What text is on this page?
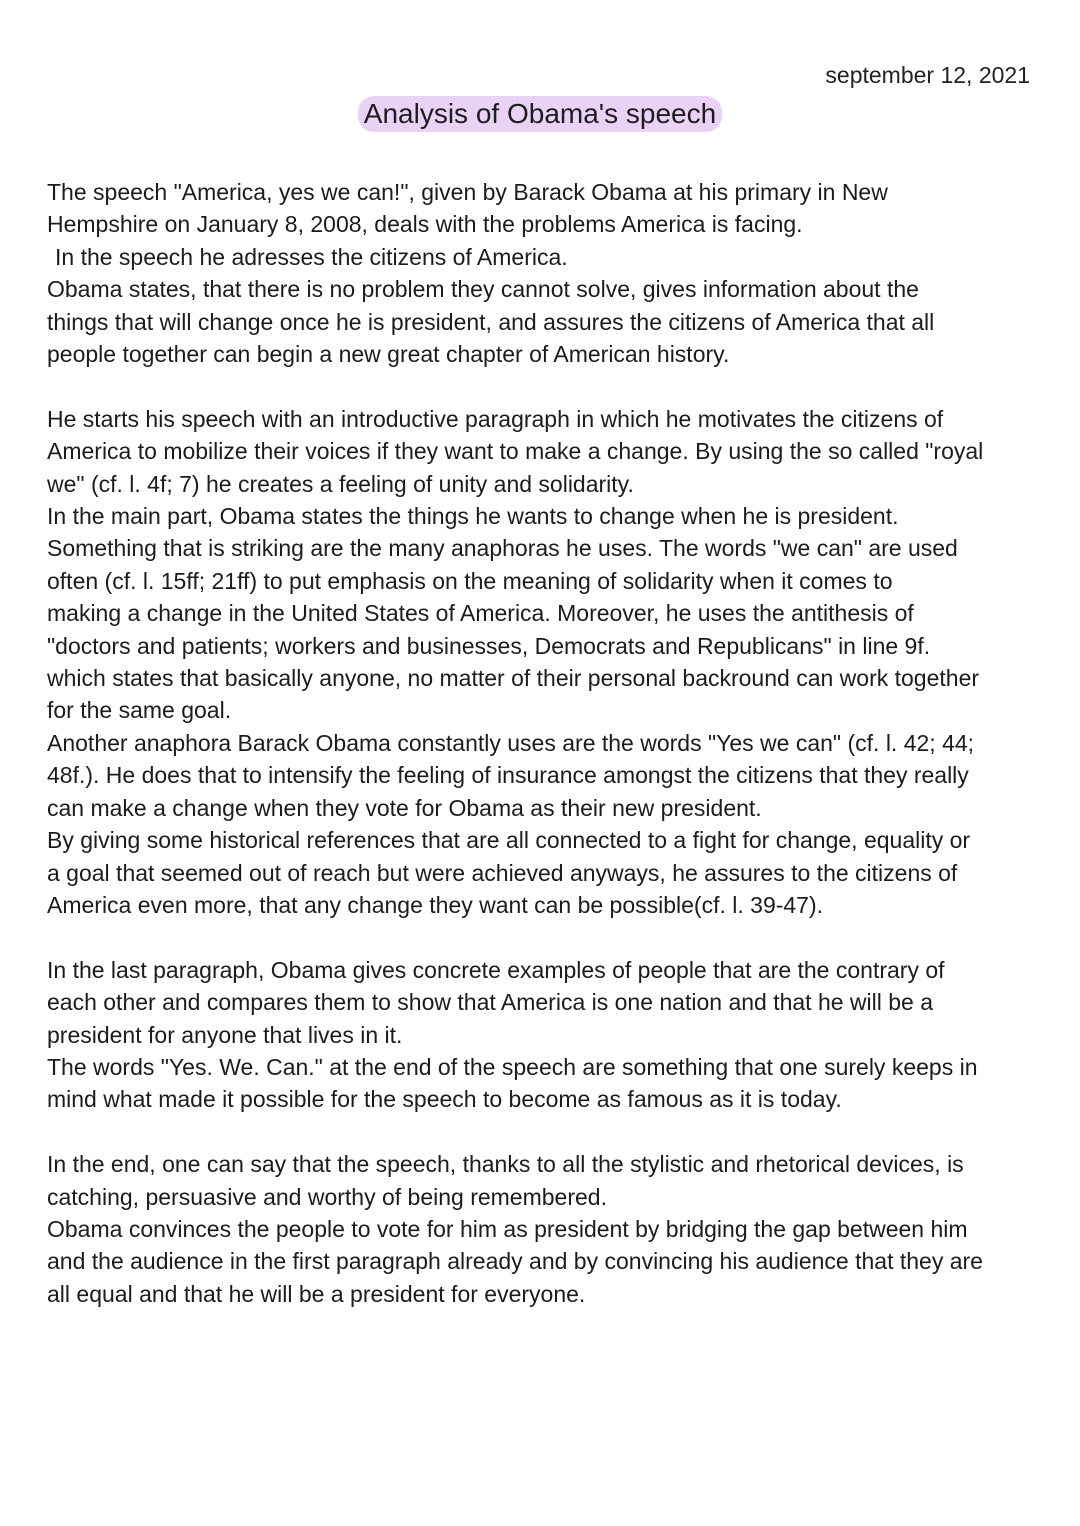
september 12, 2021
Analysis of Obama's speech
The speech "America, yes we can!", given by Barack Obama at his primary in New
Hempshire on January 8, 2008, deals with the problems America is facing.
In the speech he adresses the citizens of America.
Obama states, that there is no problem they cannot solve, gives information about the
things that will change once he is president, and assures the citizens of America that all
people together can begin a new great chapter of American history.
He starts his speech with an introductive paragraph in which he motivates the citizens of
America to mobilize their voices if they want to make a change. By using the so called "royal
we" (cf. l. 4f; 7) he creates a feeling of unity and solidarity.
In the main part, Obama states the things he wants to change when he is president.
Something that is striking are the many anaphoras he uses. The words "we can" are used
often (cf. l. 15ff; 21ff) to put emphasis on the meaning of solidarity when it comes to
making a change in the United States of America. Moreover, he uses the antithesis of
"doctors and patients; workers and businesses, Democrats and Republicans" in line 9f.
which states that basically anyone, no matter of their personal backround can work together
for the same goal.
Another anaphora Barack Obama constantly uses are the words "Yes we can" (cf. l. 42; 44;
48f.). He does that to intensify the feeling of insurance amongst the citizens that they really
can make a change when they vote for Obama as their new president.
By giving some historical references that are all connected to a fight for change, equality or
a goal that seemed out of reach but were achieved anyways, he assures to the citizens of
America even more, that any change they want can be possible(cf. l. 39-47).
In the last paragraph, Obama gives concrete examples of people that are the contrary of
each other and compares them to show that America is one nation and that he will be a
president for anyone that lives in it.
The words "Yes. We. Can." at the end of the speech are something that one surely keeps in
mind what made it possible for the speech to become as famous as it is today.
In the end, one can say that the speech, thanks to all the stylistic and rhetorical devices, is
catching, persuasive and worthy of being remembered.
Obama convinces the people to vote for him as president by bridging the gap between him
and the audience in the first paragraph already and by convincing his audience that they are
all equal and that he will be a president for everyone.
